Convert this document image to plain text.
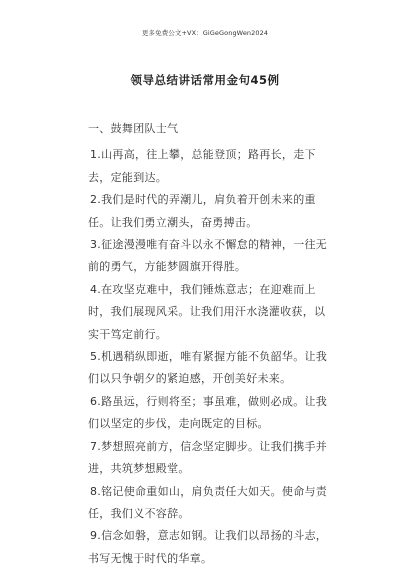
更多免费公文+VX：GiGeGongWen2024
领导总结讲话常用金句45例

一、鼓舞团队士气

1.山再高，往上攀，总能登顶；路再长，走下去，定能到达。

2.我们是时代的弄潮儿，肩负着开创未来的重任。让我们勇立潮头，奋勇搏击。

3.征途漫漫唯有奋斗以永不懈怠的精神，一往无前的勇气，方能梦圆旗开得胜。

4.在攻坚克难中，我们锤炼意志；在迎难而上时，我们展现风采。让我们用汗水浇灌收获，以实干笃定前行。

5.机遇稍纵即逝，唯有紧握方能不负韶华。让我们以只争朝夕的紧迫感，开创美好未来。

6.路虽远，行则将至；事虽难，做则必成。让我们以坚定的步伐，走向既定的目标。

7.梦想照亮前方，信念坚定脚步。让我们携手并进，共筑梦想殿堂。

8.铭记使命重如山，肩负责任大如天。使命与责任，我们义不容辞。

9.信念如磐，意志如钢。让我们以昂扬的斗志，书写无愧于时代的华章。
